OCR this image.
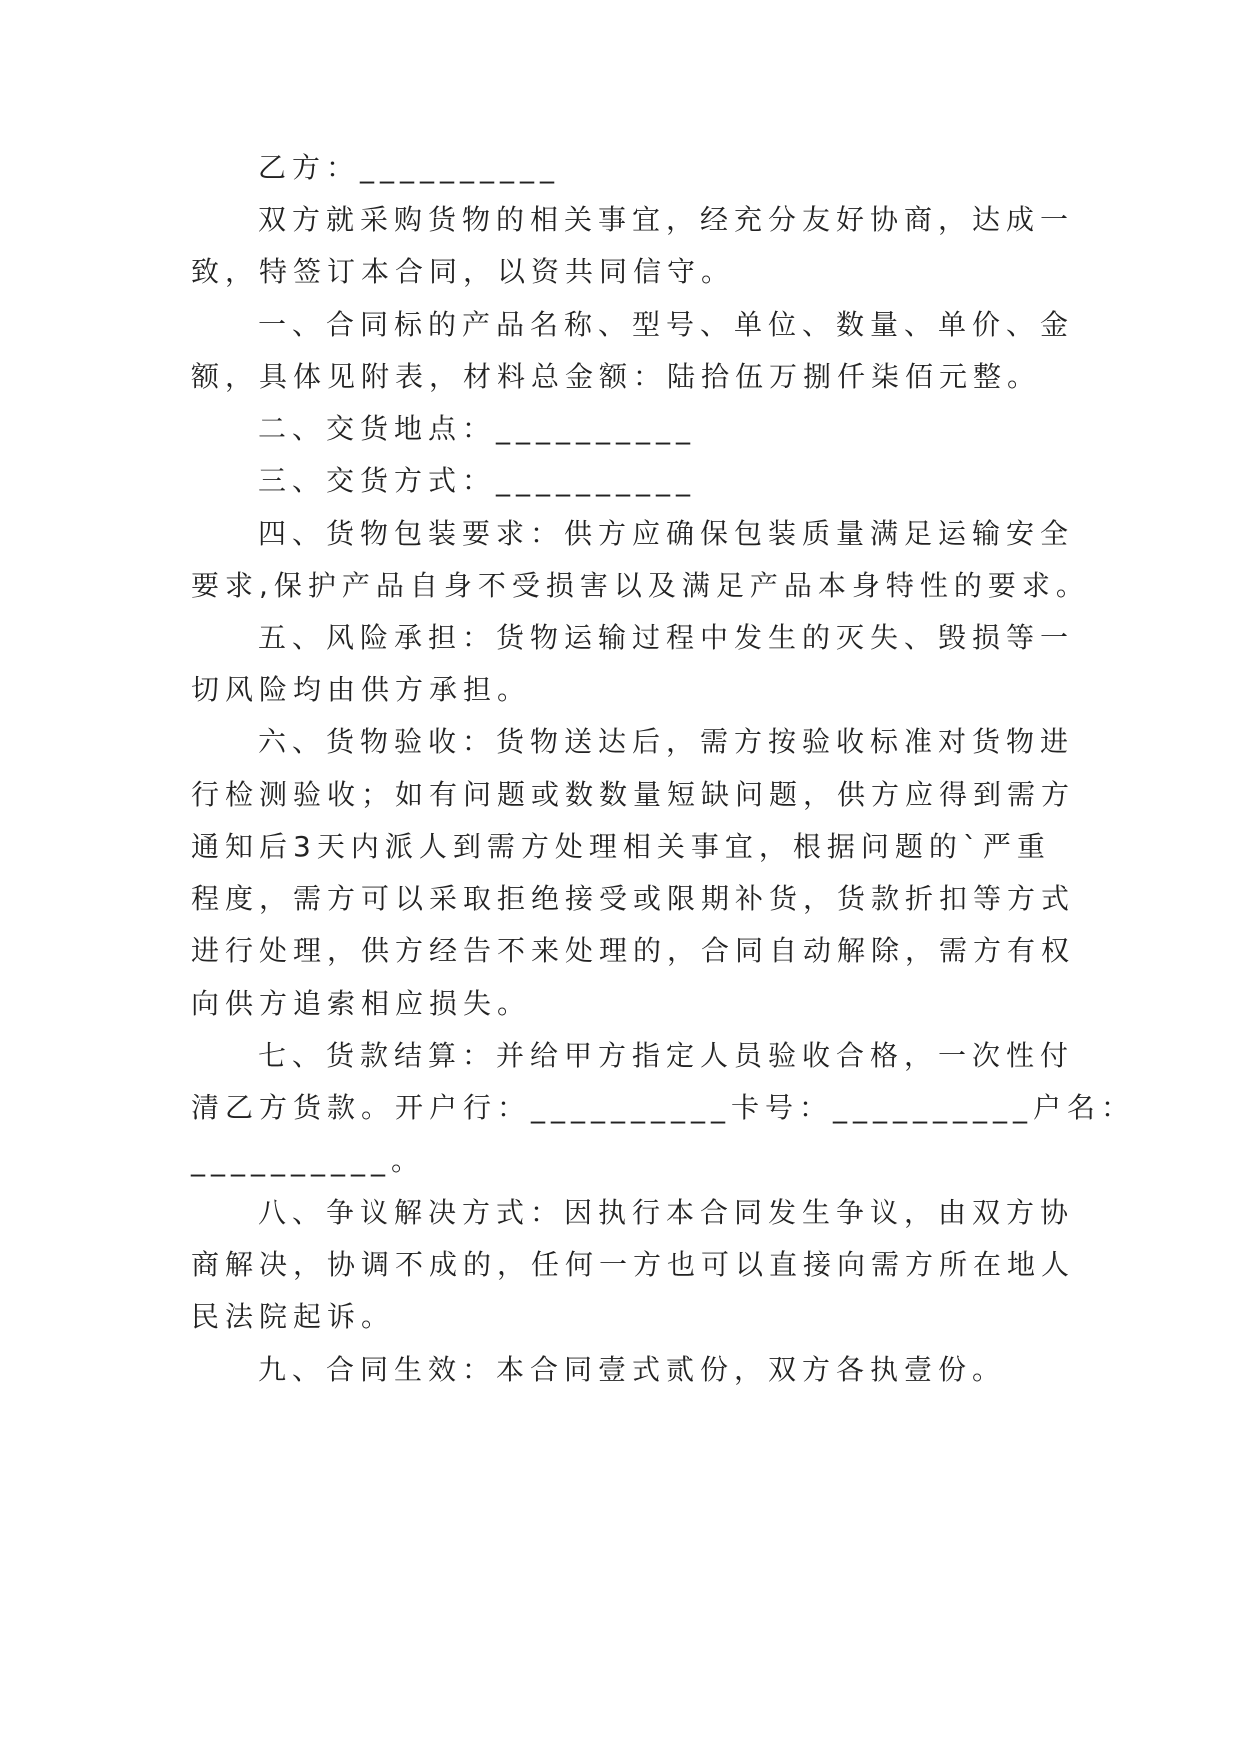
乙方：__________
双方就采购货物的相关事宜，经充分友好协商，达成一
致，特签订本合同，以资共同信守。
一、合同标的产品名称、型号、单位、数量、单价、金
额，具体见附表，材料总金额：陆拾伍万捌仟柒佰元整。
二、交货地点：__________
三、交货方式：__________
四、货物包装要求：供方应确保包装质量满足运输安全
要求,保护产品自身不受损害以及满足产品本身特性的要求。
五、风险承担：货物运输过程中发生的灭失、毁损等一
切风险均由供方承担。
六、货物验收：货物送达后，需方按验收标准对货物进
行检测验收；如有问题或数数量短缺问题，供方应得到需方
通知后3天内派人到需方处理相关事宜，根据问题的`严重
程度，需方可以采取拒绝接受或限期补货，货款折扣等方式
进行处理，供方经告不来处理的，合同自动解除，需方有权
向供方追索相应损失。
七、货款结算：并给甲方指定人员验收合格，一次性付
清乙方货款。开户行：__________卡号：__________户名：
__________。
八、争议解决方式：因执行本合同发生争议，由双方协
商解决，协调不成的，任何一方也可以直接向需方所在地人
民法院起诉。
九、合同生效：本合同壹式贰份，双方各执壹份。
